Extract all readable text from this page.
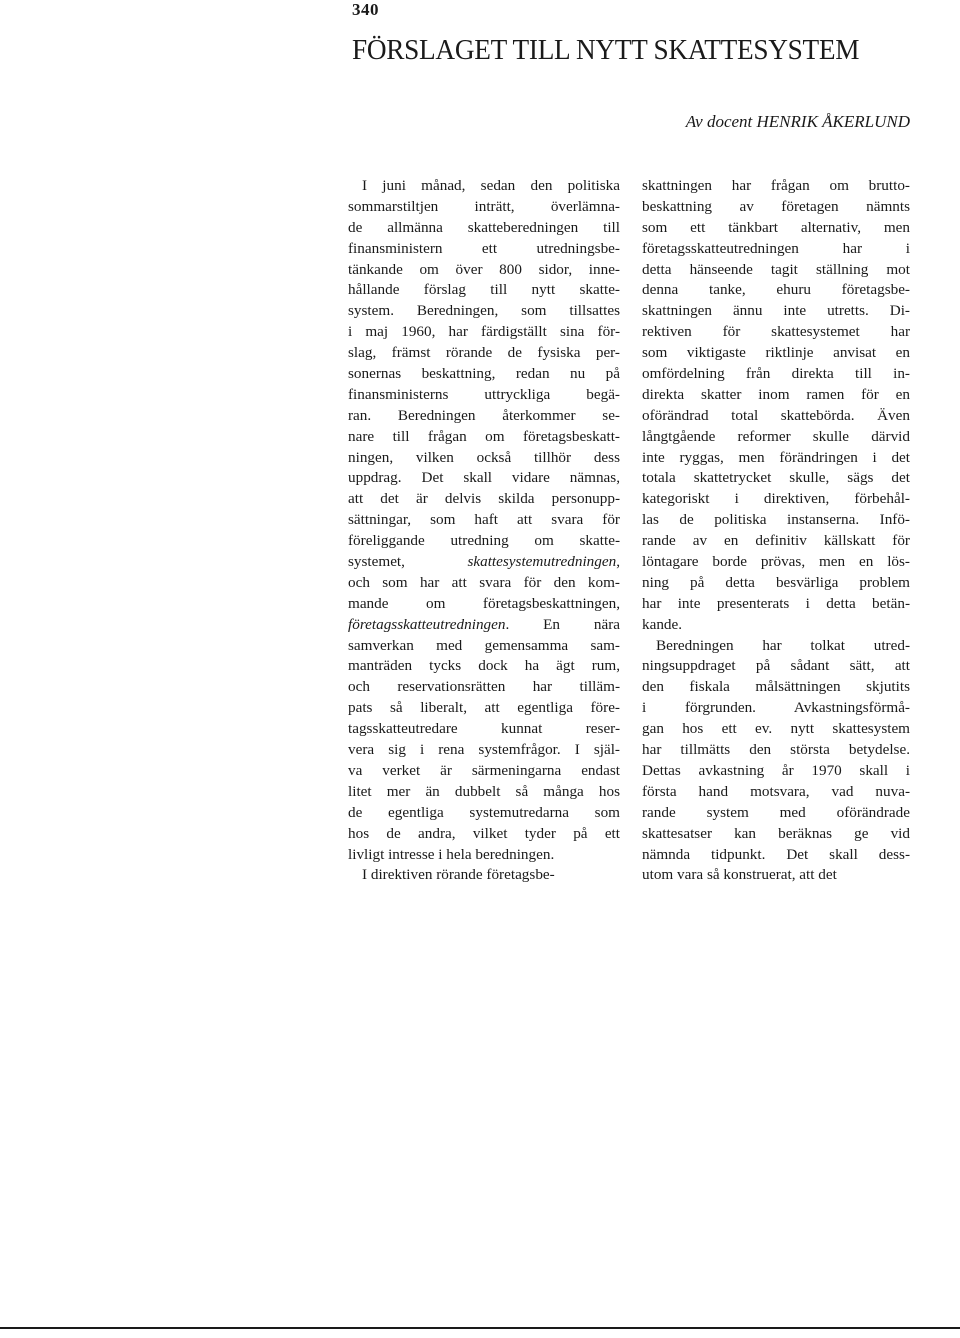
340
FÖRSLAGET TILL NYTT SKATTESYSTEM
Av docent HENRIK ÅKERLUND
I juni månad, sedan den politiska
sommarstiltjen inträtt, överlämna-
de allmänna skatteberedningen till
finansministern ett utredningsbe-
tänkande om över 800 sidor, inne-
hållande förslag till nytt skatte-
system. Beredningen, som tillsattes
i maj 1960, har färdigställt sina för-
slag, främst rörande de fysiska per-
sonernas beskattning, redan nu på
finansministerns uttryckliga begä-
ran. Beredningen återkommer se-
nare till frågan om företagsbeskatt-
ningen, vilken också tillhör dess
uppdrag. Det skall vidare nämnas,
att det är delvis skilda personupp-
sättningar, som haft att svara för
föreliggande utredning om skatte-
systemet, skattesystemutredningen,
och som har att svara för den kom-
mande om företagsbeskattningen,
företagsskatteutredningen. En nära
samverkan med gemensamma sam-
manträden tycks dock ha ägt rum,
och reservationsrätten har tilläm-
pats så liberalt, att egentliga före-
tagsskatteutredare kunnat reser-
vera sig i rena systemfrågor. I själ-
va verket är särmeningarna endast
litet mer än dubbelt så många hos
de egentliga systemutredarna som
hos de andra, vilket tyder på ett
livligt intresse i hela beredningen.
I direktiven rörande företagsbe-
skattningen har frågan om brutto-
beskattning av företagen nämnts
som ett tänkbart alternativ, men
företagsskatteutredningen har i
detta hänseende tagit ställning mot
denna tanke, ehuru företagsbe-
skattningen ännu inte utretts. Di-
rektiven för skattesystemet har
som viktigaste riktlinje anvisat en
omfördelning från direkta till in-
direkta skatter inom ramen för en
oförändrad total skattebörda. Även
långtgående reformer skulle därvid
inte ryggas, men förändringen i det
totala skattetrycket skulle, sägs det
kategoriskt i direktiven, förbehål-
las de politiska instanserna. Infö-
rande av en definitiv källskatt för
löntagare borde prövas, men en lös-
ning på detta besvärliga problem
har inte presenterats i detta betän-
kande.
Beredningen har tolkat utred-
ningsuppdraget på sådant sätt, att
den fiskala målsättningen skjutits
i förgrunden. Avkastningsförmå-
gan hos ett ev. nytt skattesystem
har tillmätts den största betydelse.
Dettas avkastning år 1970 skall i
första hand motsvara, vad nuva-
rande system med oförändrade
skattesatser kan beräknas ge vid
nämnda tidpunkt. Det skall dess-
utom vara så konstruerat, att det
